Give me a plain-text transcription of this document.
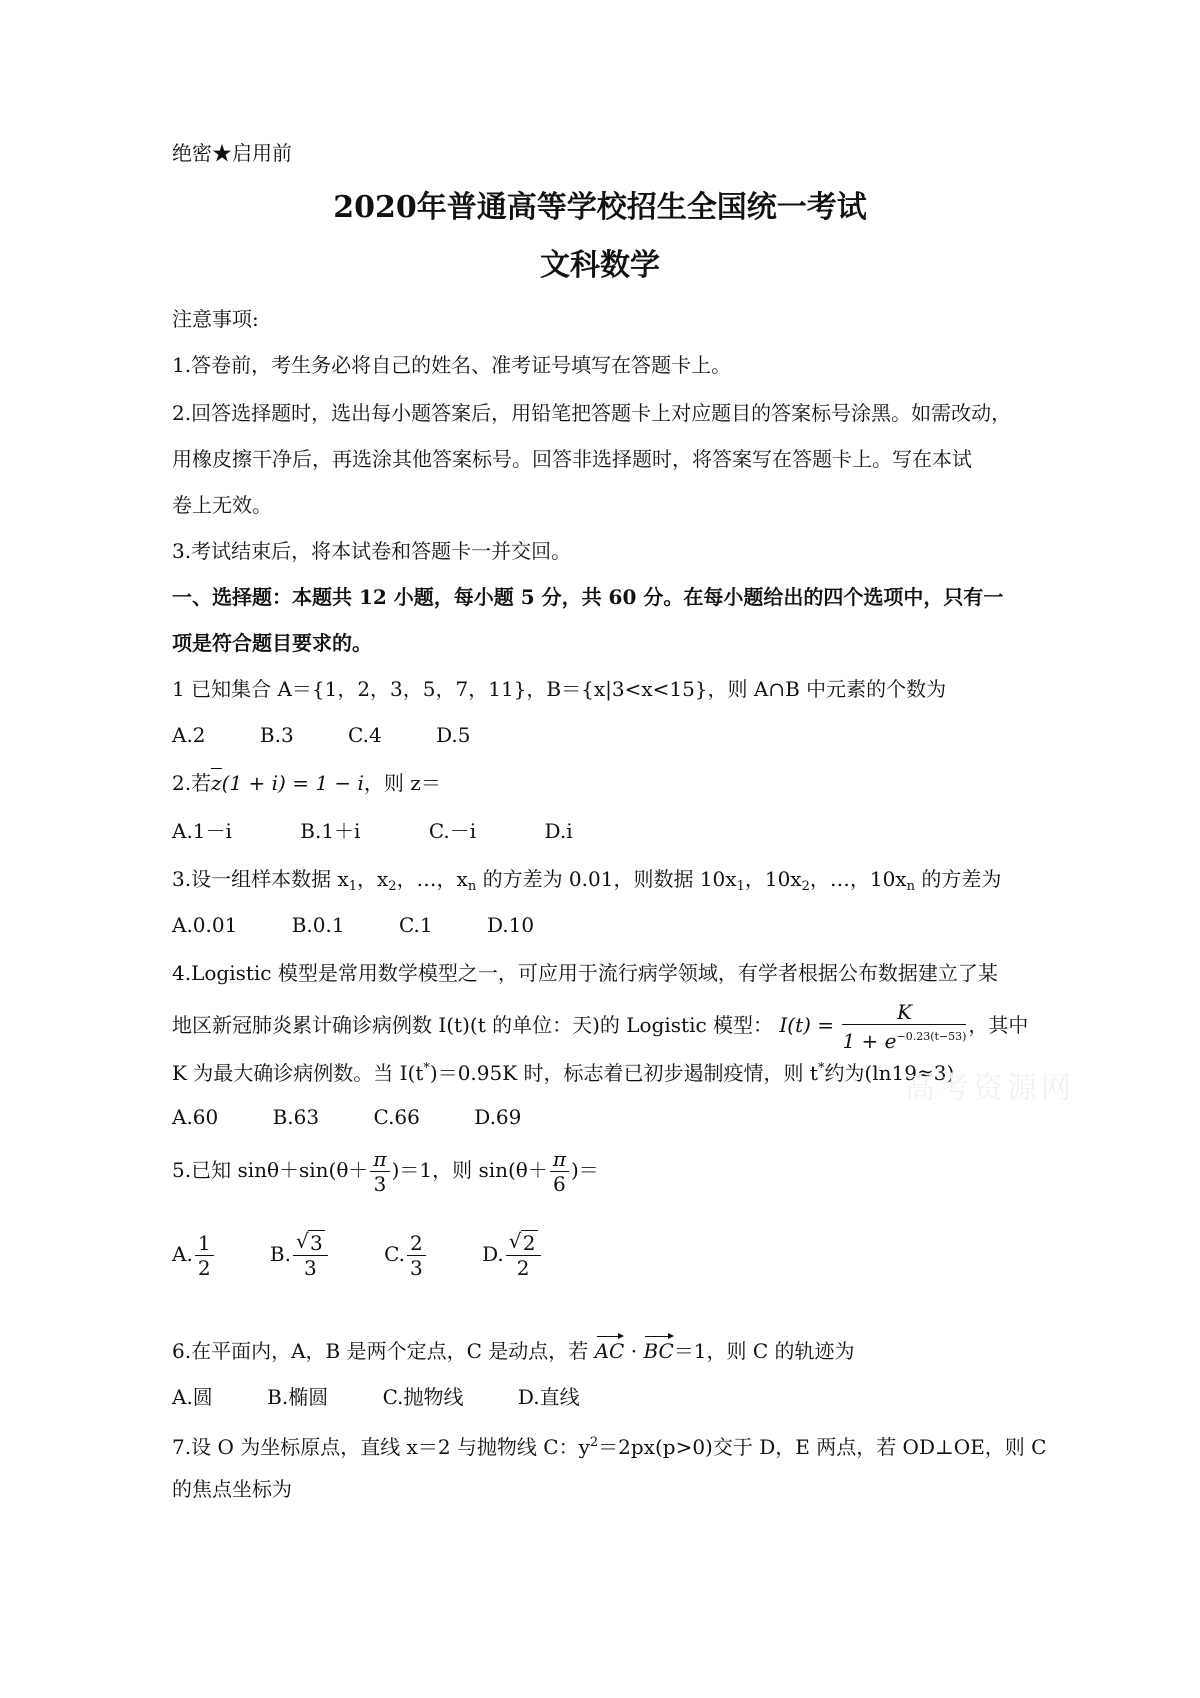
绝密★启用前
2020年普通高等学校招生全国统一考试
文科数学
注意事项:
1.答卷前，考生务必将自己的姓名、准考证号填写在答题卡上。
2.回答选择题时，选出每小题答案后，用铅笔把答题卡上对应题目的答案标号涂黑。如需改动，
用橡皮擦干净后，再选涂其他答案标号。回答非选择题时，将答案写在答题卡上。写在本试
卷上无效。
3.考试结束后，将本试卷和答题卡一并交回。
一、选择题：本题共 12 小题，每小题 5 分，共 60 分。在每小题给出的四个选项中，只有一
项是符合题目要求的。
1 已知集合 A＝{1，2，3，5，7，11}，B＝{x|3<x<15}，则 A∩B 中元素的个数为
A.2	B.3	C.4	D.5
2.若z(1 + i) = 1 − i，则 z＝
A.1－i	B.1＋i	C.－i	D.i
3.设一组样本数据 $x_1$，$x_2$，…，$x_n$ 的方差为 0.01，则数据 $10x_1$，$10x_2$，…，$10x_n$ 的方差为
A.0.01	B.0.1	C.1	D.10
4.Logistic 模型是常用数学模型之一，可应用于流行病学领域，有学者根据公布数据建立了某
地区新冠肺炎累计确诊病例数 I(t)(t 的单位：天)的 Logistic 模型： $I(t) = \frac{K}{1 + e^{-0.23(t-53)}}$ ，其中
K 为最大确诊病例数。当 I(t*)＝0.95K 时，标志着已初步遏制疫情，则 t*约为(ln19≈3)
A.60	B.63	C.66	D.69
5.已知 $\sin\theta+\sin(\theta+ \frac{\pi}{3} )=1$，则 $\sin(\theta+ \frac{\pi}{6}$ )＝
A. $\frac{1}{2}$	B. $\frac{√ 3}{3}$	C. $\frac{2}{3}$	D. $\frac{√ 2}{2}$
6.在平面内，A，B 是两个定点，C 是动点，若 AC · BC＝1，则 C 的轨迹为
A.圆	B.椭圆	C.抛物线	D.直线
7.设 O 为坐标原点，直线 x＝2 与抛物线 C：$y^2=2px(p>0)$交于 D，E 两点，若 OD⊥OE，则 C
的焦点坐标为
高考资源网
